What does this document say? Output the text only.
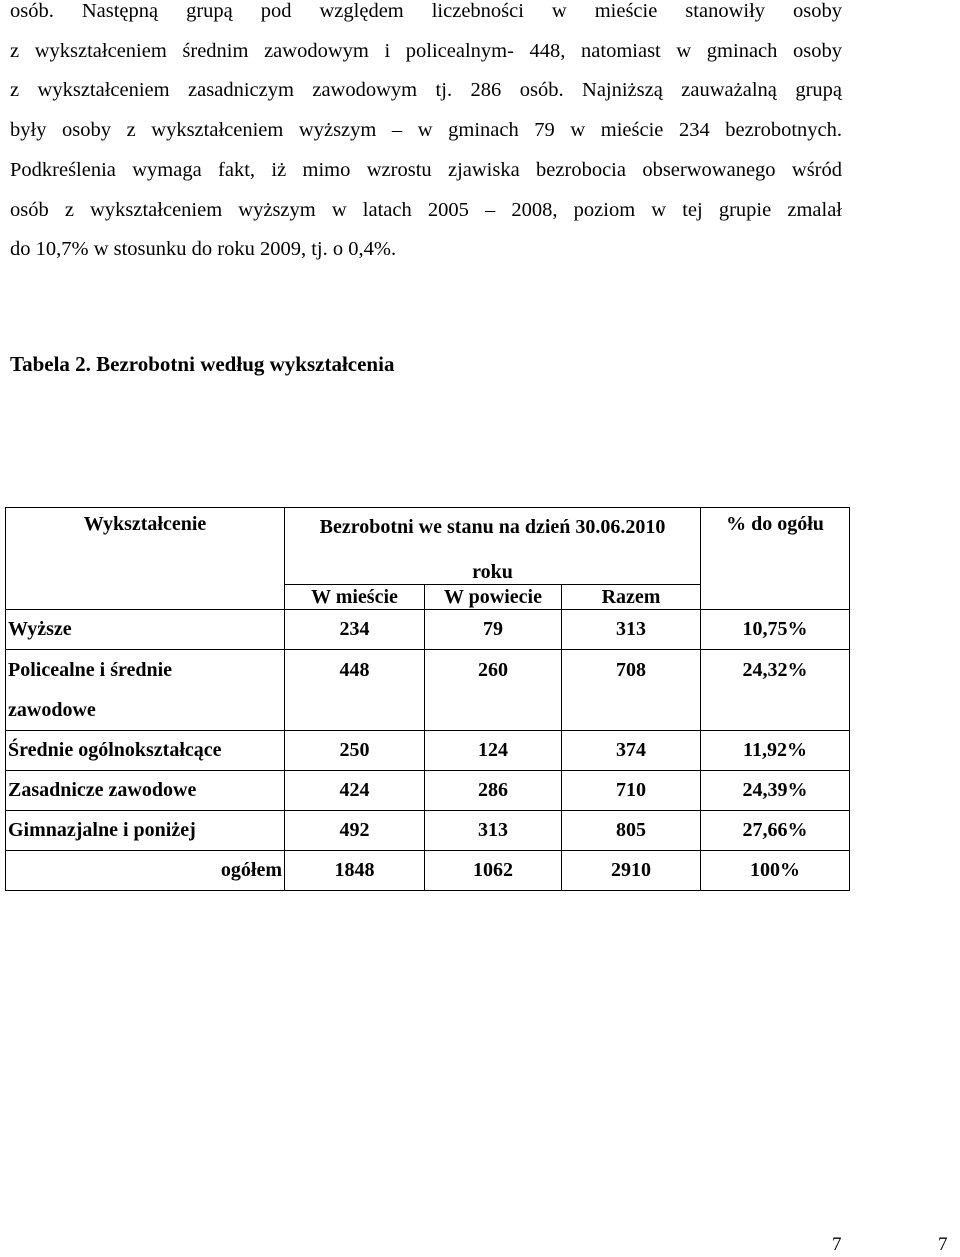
osób. Następną grupą pod względem liczebności w mieście stanowiły osoby
z wykształceniem średnim zawodowym i policealnym- 448, natomiast w gminach osoby
z wykształceniem zasadniczym zawodowym tj. 286 osób. Najniższą zauważalną grupą
były osoby z wykształceniem wyższym – w gminach 79 w mieście 234 bezrobotnych.
Podkreślenia wymaga fakt, iż mimo wzrostu zjawiska bezrobocia obserwowanego wśród
osób z wykształceniem wyższym w latach 2005 – 2008, poziom w tej grupie zmalał
do 10,7% w stosunku do roku 2009, tj. o 0,4%.

Tabela 2. Bezrobotni według wykształcenia

Wykształcenie	Bezrobotni we stanu na dzień 30.06.2010			% do ogółu
	roku			
	W mieście	W powiecie	Razem	
Wyższe	234	79	313	10,75%
Policealne i średnie
zawodowe	448	260	708	24,32%
Średnie ogólnokształcące	250	124	374	11,92%
Zasadnicze zawodowe	424	286	710	24,39%
Gimnazjalne i poniżej	492	313	805	27,66%
ogółem	1848	1062	2910	100%
7	7
